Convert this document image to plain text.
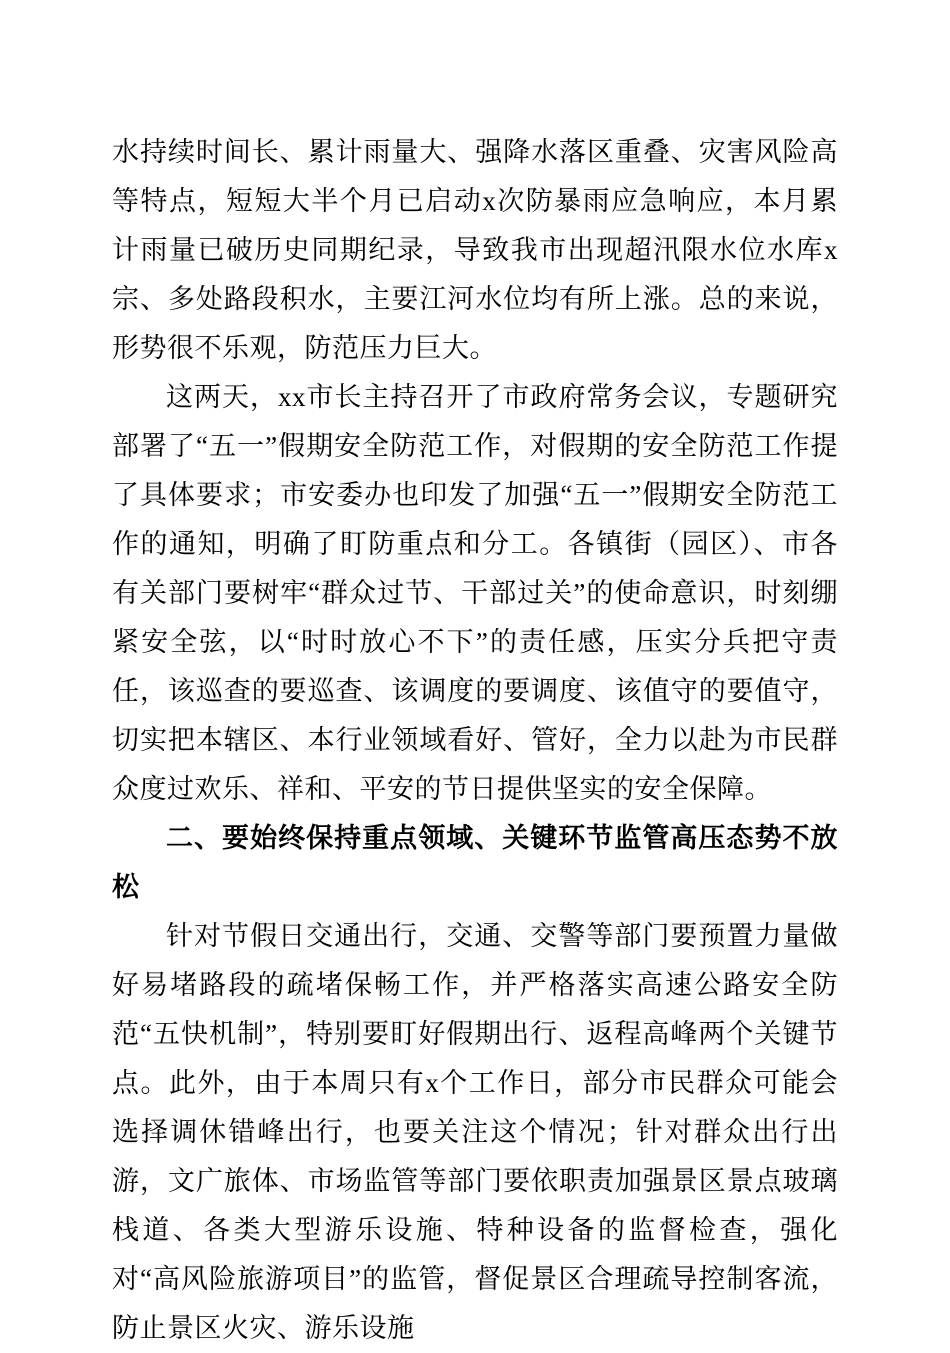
水持续时间长、累计雨量大、强降水落区重叠、灾害风险高等特点，短短大半个月已启动x次防暴雨应急响应，本月累计雨量已破历史同期纪录，导致我市出现超汛限水位水库x宗、多处路段积水，主要江河水位均有所上涨。总的来说，形势很不乐观，防范压力巨大。

这两天，xx市长主持召开了市政府常务会议，专题研究部署了“五一”假期安全防范工作，对假期的安全防范工作提了具体要求；市安委办也印发了加强“五一”假期安全防范工作的通知，明确了盯防重点和分工。各镇街（园区）、市各有关部门要树牢“群众过节、干部过关”的使命意识，时刻绷紧安全弦，以“时时放心不下”的责任感，压实分兵把守责任，该巡查的要巡查、该调度的要调度、该值守的要值守，切实把本辖区、本行业领域看好、管好，全力以赴为市民群众度过欢乐、祥和、平安的节日提供坚实的安全保障。

二、要始终保持重点领域、关键环节监管高压态势不放松

针对节假日交通出行，交通、交警等部门要预置力量做好易堵路段的疏堵保畅工作，并严格落实高速公路安全防范“五快机制”，特别要盯好假期出行、返程高峰两个关键节点。此外，由于本周只有x个工作日，部分市民群众可能会选择调休错峰出行，也要关注这个情况；针对群众出行出游，文广旅体、市场监管等部门要依职责加强景区景点玻璃栈道、各类大型游乐设施、特种设备的监督检查，强化对“高风险旅游项目”的监管，督促景区合理疏导控制客流，防止景区火灾、游乐设施
